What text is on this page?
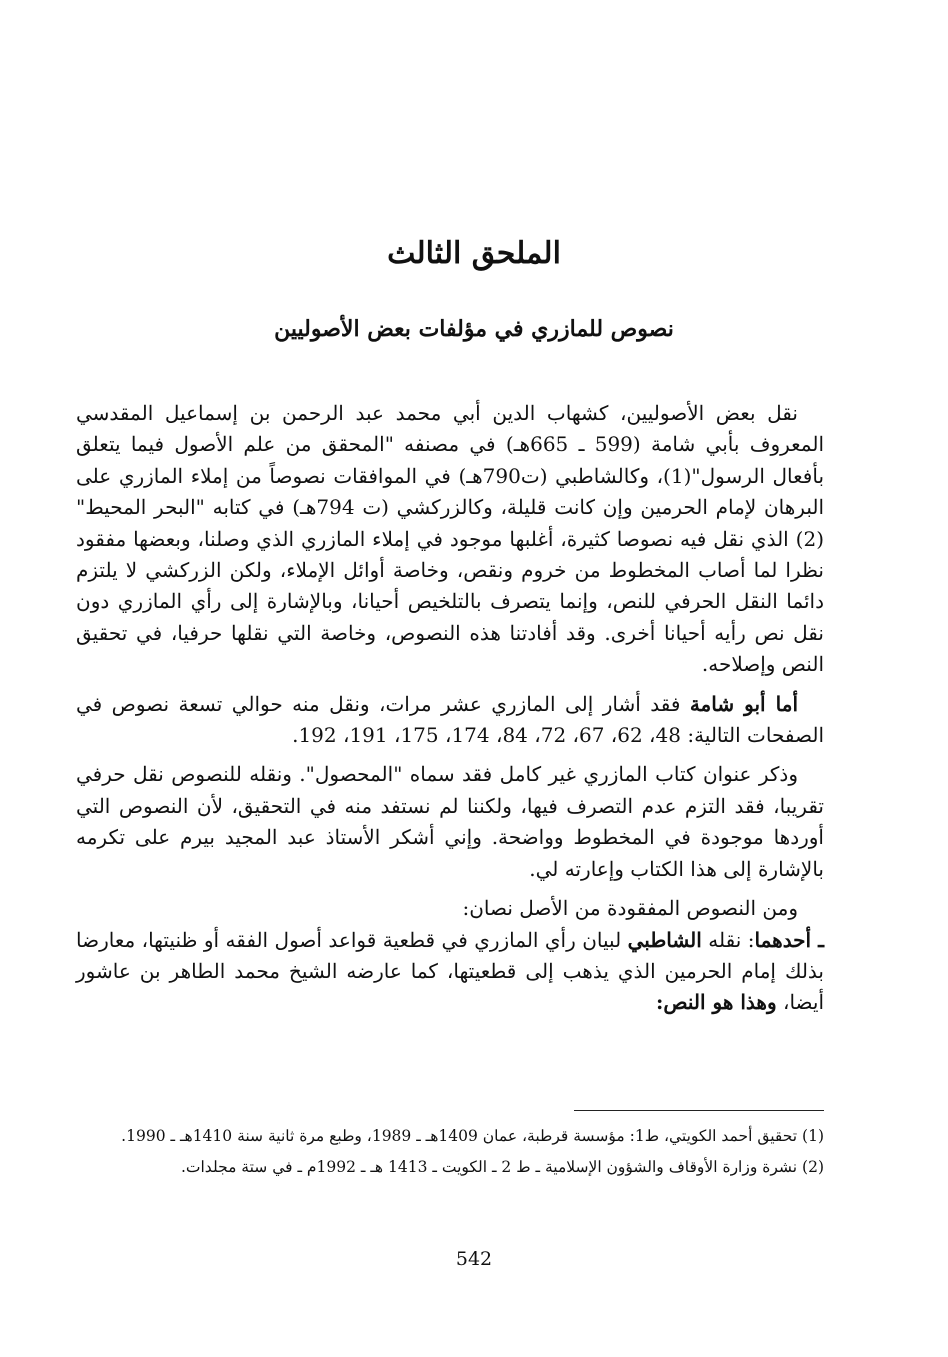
الملحق الثالث
نصوص للمازري في مؤلفات بعض الأصوليين

نقل بعض الأصوليين، كشهاب الدين أبي محمد عبد الرحمن بن إسماعيل المقدسي المعروف بأبي شامة (599 ـ 665هـ) في مصنفه "المحقق من علم الأصول فيما يتعلق بأفعال الرسول"(1)، وكالشاطبي (ت790هـ) في الموافقات نصوصاً من إملاء المازري على البرهان لإمام الحرمين وإن كانت قليلة، وكالزركشي (ت 794هـ) في كتابه "البحر المحيط"(2) الذي نقل فيه نصوصا كثيرة، أغلبها موجود في إملاء المازري الذي وصلنا، وبعضها مفقود نظرا لما أصاب المخطوط من خروم ونقص، وخاصة أوائل الإملاء، ولكن الزركشي لا يلتزم دائما النقل الحرفي للنص، وإنما يتصرف بالتلخيص أحيانا، وبالإشارة إلى رأي المازري دون نقل نص رأيه أحيانا أخرى. وقد أفادتنا هذه النصوص، وخاصة التي نقلها حرفيا، في تحقيق النص وإصلاحه.

أما أبو شامة فقد أشار إلى المازري عشر مرات، ونقل منه حوالي تسعة نصوص في الصفحات التالية: 48، 62، 67، 72، 84، 174، 175، 191، 192.

وذكر عنوان كتاب المازري غير كامل فقد سماه "المحصول". ونقله للنصوص نقل حرفي تقريبا، فقد التزم عدم التصرف فيها، ولكننا لم نستفد منه في التحقيق، لأن النصوص التي أوردها موجودة في المخطوط وواضحة. وإني أشكر الأستاذ عبد المجيد بيرم على تكرمه بالإشارة إلى هذا الكتاب وإعارته لي.

ومن النصوص المفقودة من الأصل نصان:

ـ أحدهما: نقله الشاطبي لبيان رأي المازري في قطعية قواعد أصول الفقه أو ظنيتها، معارضا بذلك إمام الحرمين الذي يذهب إلى قطعيتها، كما عارضه الشيخ محمد الطاهر بن عاشور أيضا، وهذا هو النص:

(1) تحقيق أحمد الكويتي، ط1: مؤسسة قرطبة، عمان 1409هـ ـ 1989، وطبع مرة ثانية سنة 1410هـ ـ 1990.

(2) نشرة وزارة الأوقاف والشؤون الإسلامية ـ ط 2 ـ الكويت ـ 1413 هـ ـ 1992م ـ في ستة مجلدات.

542
